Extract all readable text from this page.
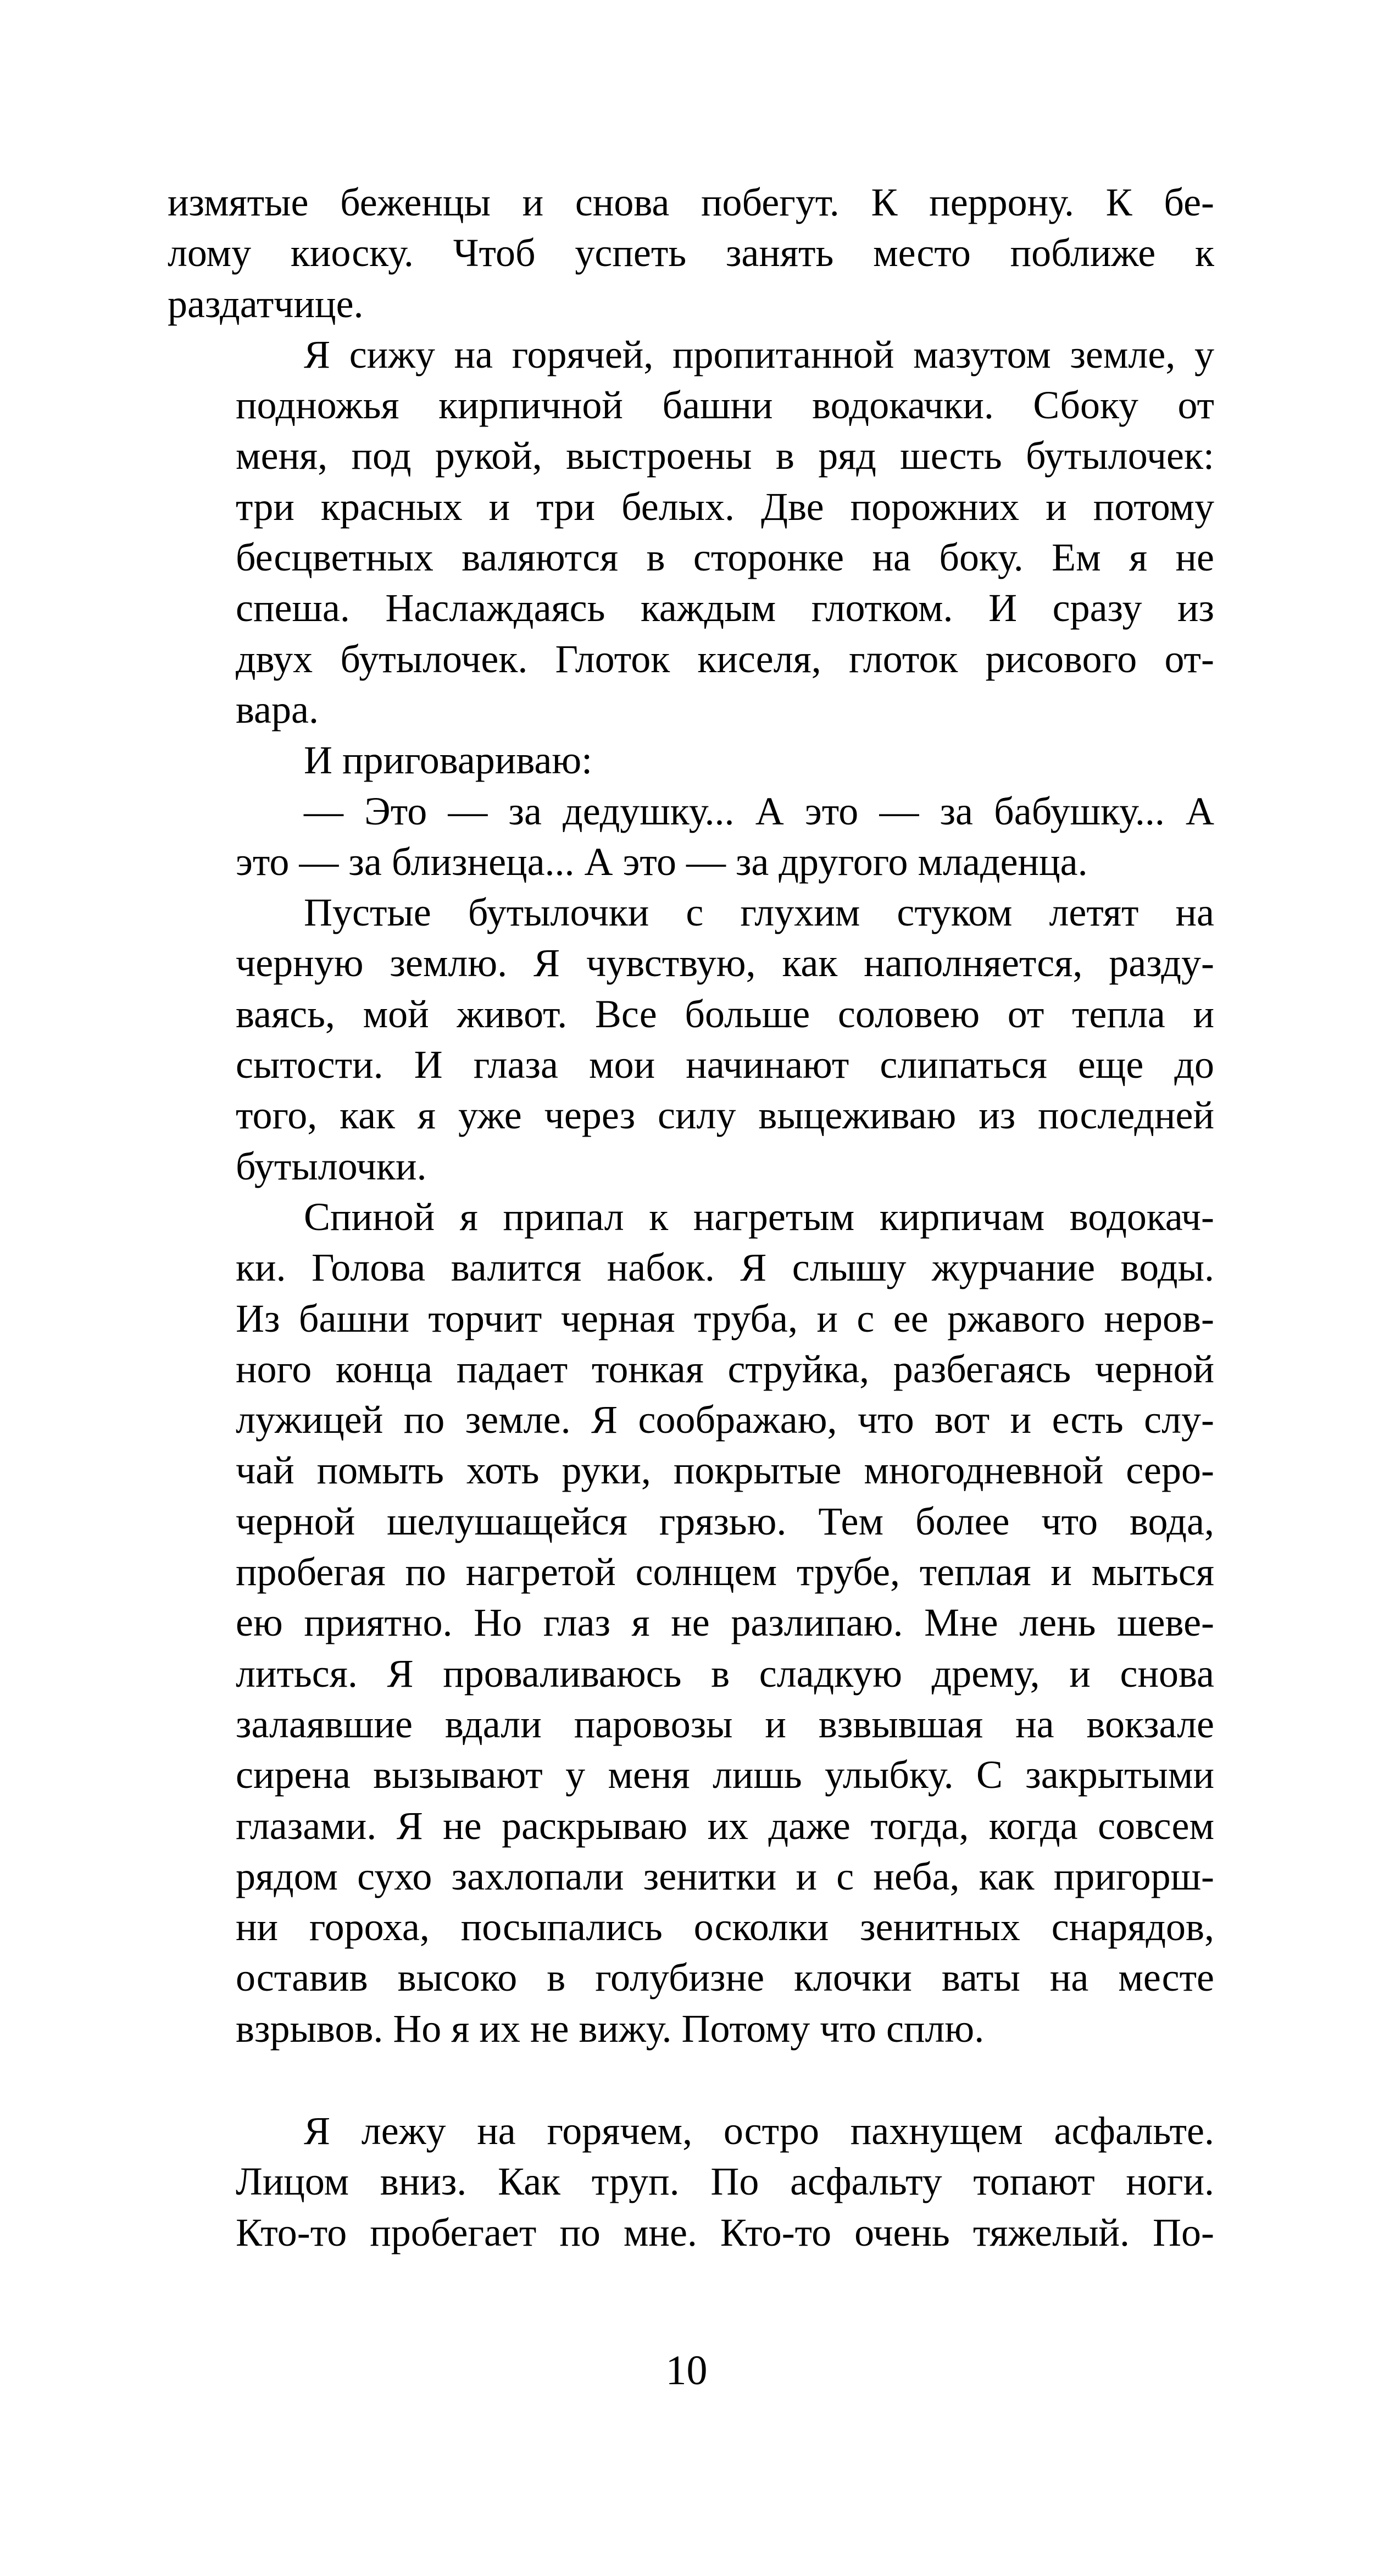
измятые беженцы и снова побегут. К перрону. К бе-
лому киоску. Чтоб успеть занять место поближе к
раздатчице.
Я сижу на горячей, пропитанной мазутом земле, у
подножья кирпичной башни водокачки. Сбоку от
меня, под рукой, выстроены в ряд шесть бутылочек:
три красных и три белых. Две порожних и потому
бесцветных валяются в сторонке на боку. Ем я не
спеша. Наслаждаясь каждым глотком. И сразу из
двух бутылочек. Глоток киселя, глоток рисового от-
вара.
И приговариваю:
— Это — за дедушку... А это — за бабушку... А
это — за близнеца... А это — за другого младенца.
Пустые бутылочки с глухим стуком летят на
черную землю. Я чувствую, как наполняется, разду-
ваясь, мой живот. Все больше соловею от тепла и
сытости. И глаза мои начинают слипаться еще до
того, как я уже через силу выцеживаю из последней
бутылочки.
Спиной я припал к нагретым кирпичам водокач-
ки. Голова валится набок. Я слышу журчание воды.
Из башни торчит черная труба, и с ее ржавого неров-
ного конца падает тонкая струйка, разбегаясь черной
лужицей по земле. Я соображаю, что вот и есть слу-
чай помыть хоть руки, покрытые многодневной серо-
черной шелушащейся грязью. Тем более что вода,
пробегая по нагретой солнцем трубе, теплая и мыться
ею приятно. Но глаз я не разлипаю. Мне лень шеве-
литься. Я проваливаюсь в сладкую дрему, и снова
залаявшие вдали паровозы и взвывшая на вокзале
сирена вызывают у меня лишь улыбку. С закрытыми
глазами. Я не раскрываю их даже тогда, когда совсем
рядом сухо захлопали зенитки и с неба, как пригорш-
ни гороха, посыпались осколки зенитных снарядов,
оставив высоко в голубизне клочки ваты на месте
взрывов. Но я их не вижу. Потому что сплю.
Я лежу на горячем, остро пахнущем асфальте.
Лицом вниз. Как труп. По асфальту топают ноги.
Кто-то пробегает по мне. Кто-то очень тяжелый. По-
10
